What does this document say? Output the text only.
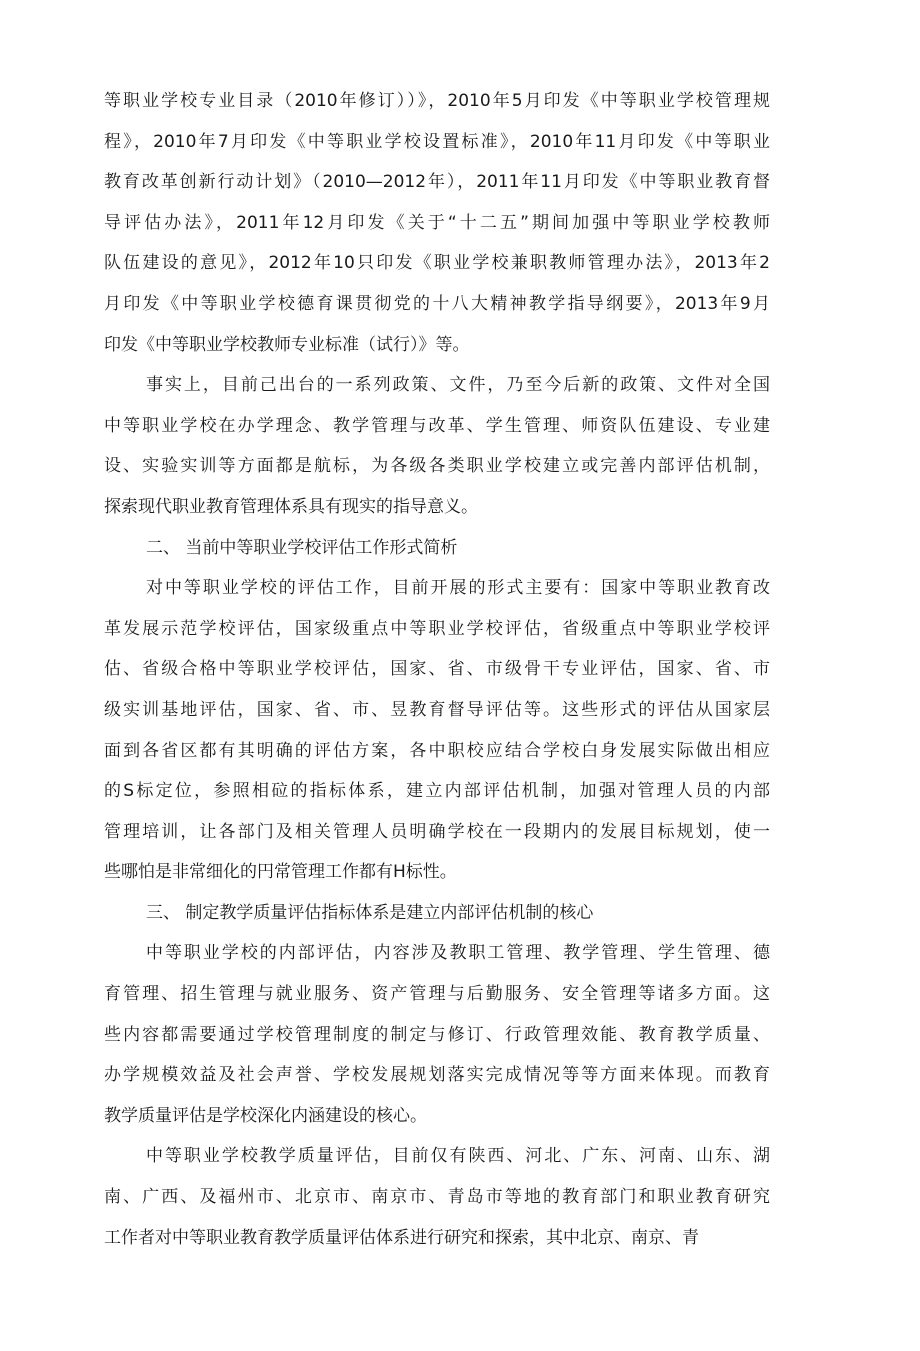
等职业学校专业目录（2010年修订））》，2010年5月印发《中等职业学校管理规
程》，2010年7月印发《中等职业学校设置标准》，2010年11月印发《中等职业
教育改革创新行动计划》（2010—2012年），2011年11月印发《中等职业教育督
导评估办法》，2011年12月印发《关于“十二五”期间加强中等职业学校教师
队伍建设的意见》，2012年10只印发《职业学校兼职教师管理办法》，2013年2
月印发《中等职业学校德育课贯彻党的十八大精神教学指导纲要》，2013年9月
印发《中等职业学校教师专业标准（试行）》等。
事实上，目前己出台的一系列政策、文件，乃至今后新的政策、文件对全国
中等职业学校在办学理念、教学管理与改革、学生管理、师资队伍建设、专业建
设、实验实训等方面都是航标，为各级各类职业学校建立或完善内部评估机制，
探索现代职业教育管理体系具有现实的指导意义。
二、 当前中等职业学校评估工作形式简析
对中等职业学校的评估工作，目前开展的形式主要有：国家中等职业教育改
革发展示范学校评估，国家级重点中等职业学校评估，省级重点中等职业学校评
估、省级合格中等职业学校评估，国家、省、市级骨干专业评估，国家、省、市
级实训基地评估，国家、省、市、昱教育督导评估等。这些形式的评估从国家层
面到各省区都有其明确的评估方案，各中职校应结合学校白身发展实际做出相应
的S标定位，参照相砬的指标体系，建立内部评估机制，加强对管理人员的内部
管理培训，让各部门及相关管理人员明确学校在一段期内的发展目标规划，使一
些哪怕是非常细化的円常管理工作都有H标性。
三、 制定教学质量评估指标体系是建立内部评估机制的核心
中等职业学校的内部评估，内容涉及教职工管理、教学管理、学生管理、德
育管理、招生管理与就业服务、资产管理与后勤服务、安全管理等诸多方面。这
些内容都需要通过学校管理制度的制定与修订、行政管理效能、教育教学质量、
办学规模效益及社会声誉、学校发展规划落实完成情况等等方面来体现。而教育
教学质量评估是学校深化内涵建设的核心。
中等职业学校教学质量评估，目前仅有陕西、河北、广东、河南、山东、湖
南、广西、及福州市、北京市、南京市、青岛市等地的教育部门和职业教育研究
工作者对中等职业教育教学质量评估体系进行研究和探索，其中北京、南京、青
